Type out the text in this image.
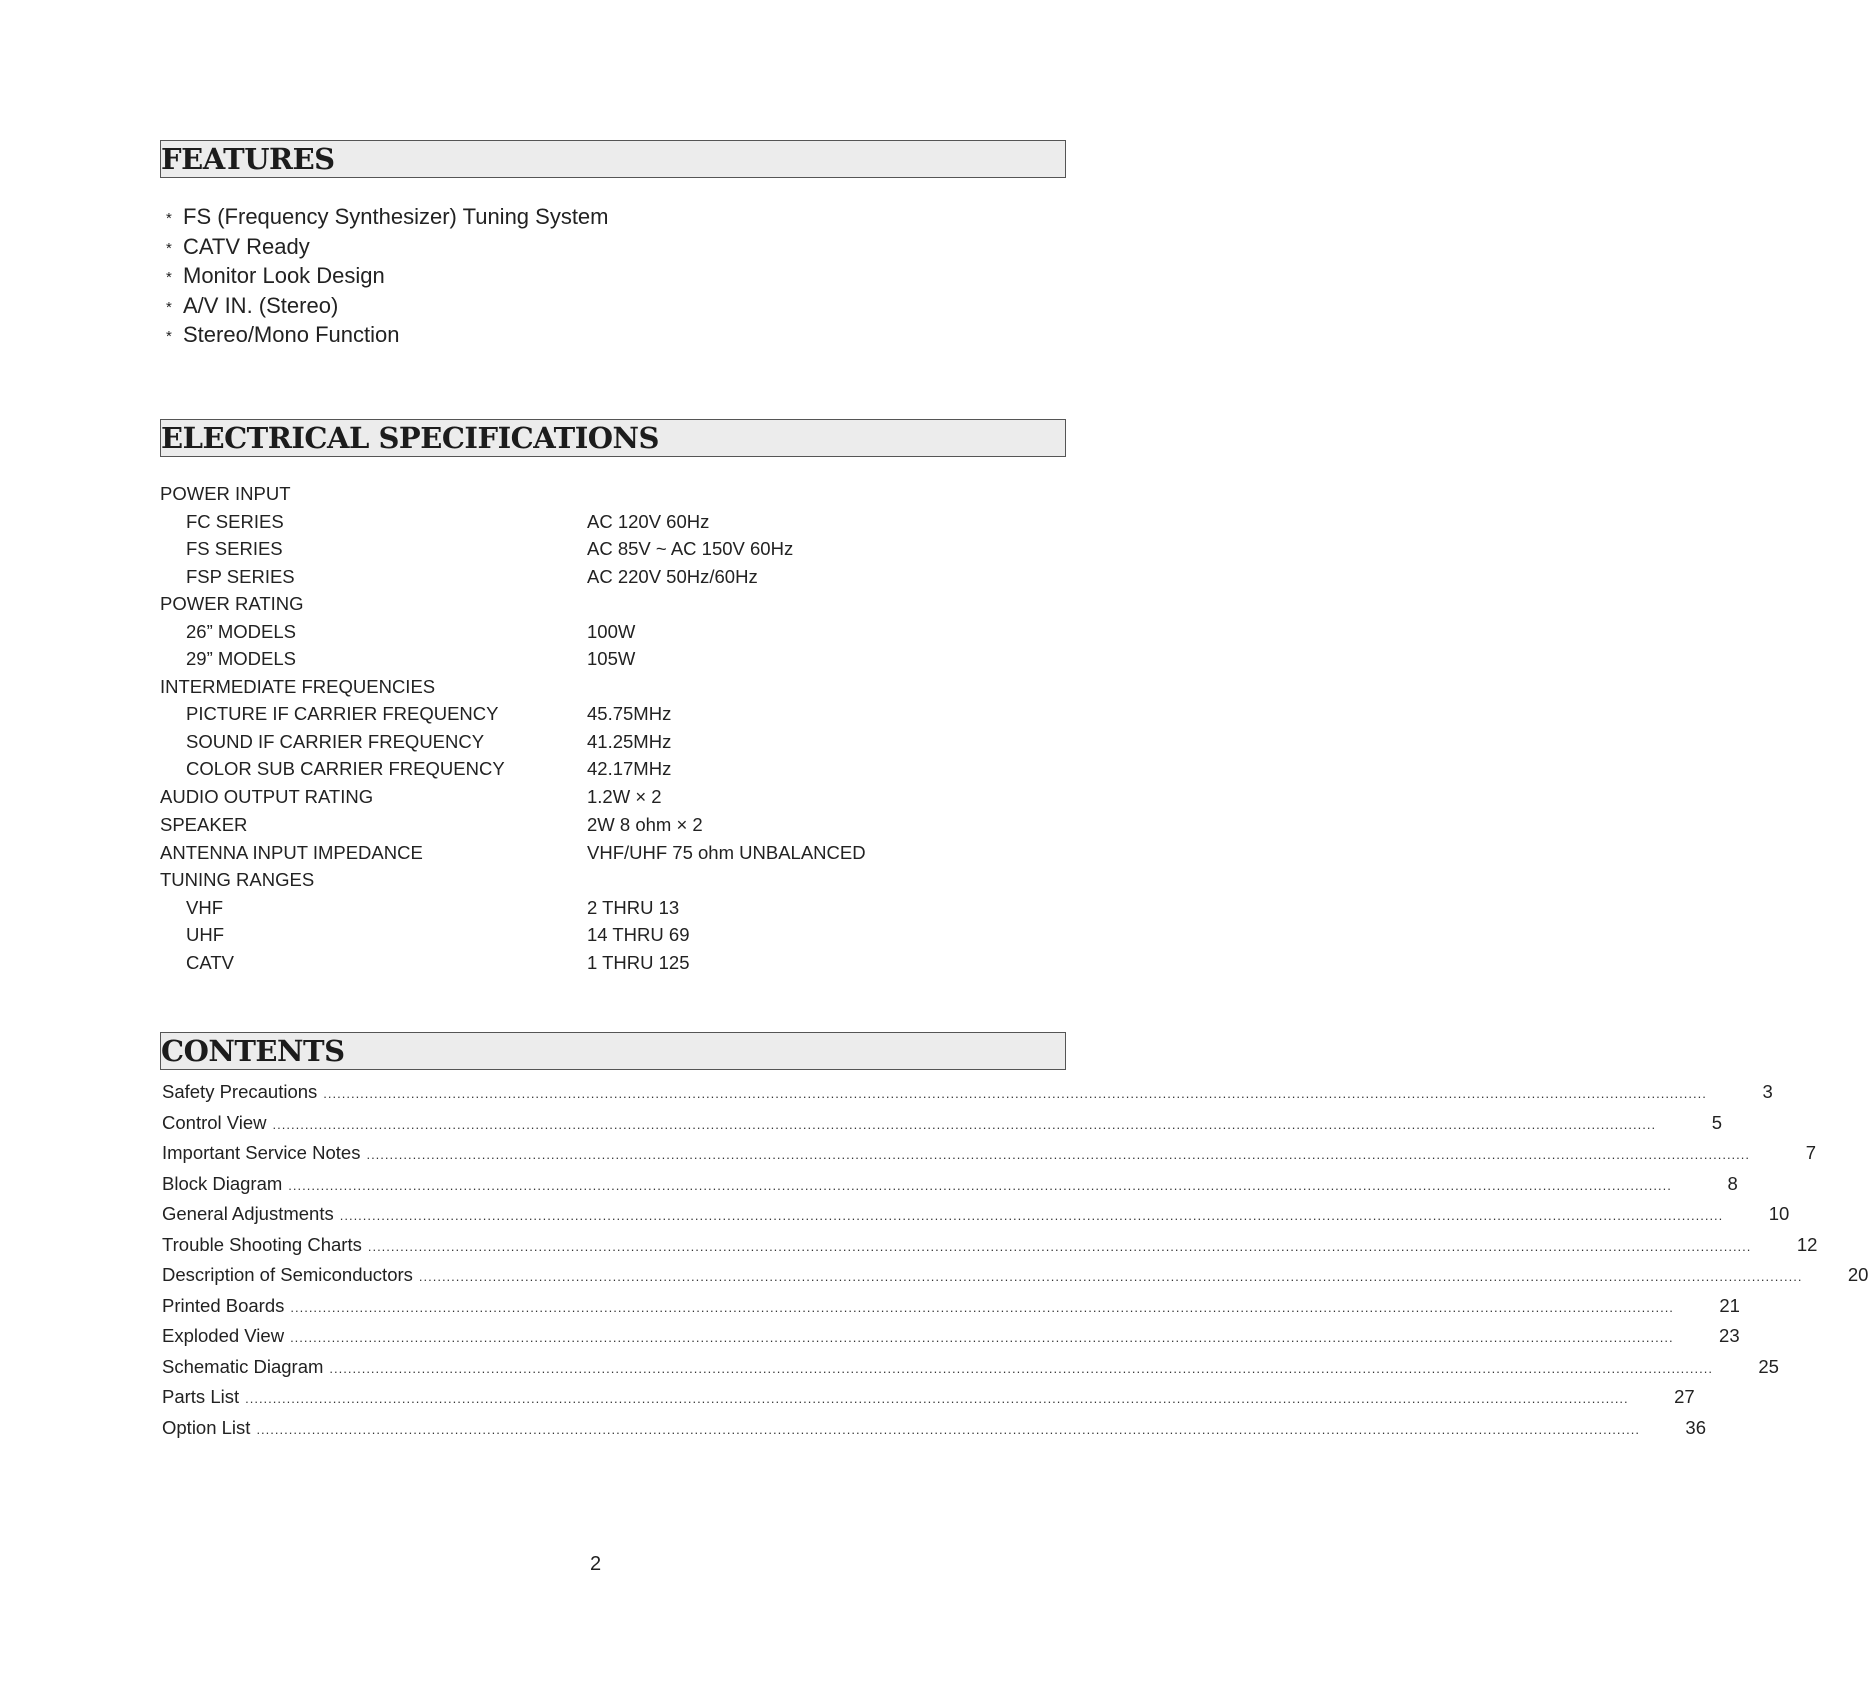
FEATURES
* FS (Frequency Synthesizer) Tuning System
* CATV Ready
* Monitor Look Design
* A/V IN. (Stereo)
* Stereo/Mono Function
ELECTRICAL SPECIFICATIONS
POWER INPUT
FC SERIES	AC 120V 60Hz
FS SERIES	AC 85V ~ AC 150V 60Hz
FSP SERIES	AC 220V 50Hz/60Hz
POWER RATING
26” MODELS	100W
29” MODELS	105W
INTERMEDIATE FREQUENCIES
PICTURE IF CARRIER FREQUENCY	45.75MHz
SOUND IF CARRIER FREQUENCY	41.25MHz
COLOR SUB CARRIER FREQUENCY	42.17MHz
AUDIO OUTPUT RATING	1.2W × 2
SPEAKER	2W 8 ohm × 2
ANTENNA INPUT IMPEDANCE	VHF/UHF 75 ohm UNBALANCED
TUNING RANGES
VHF	2 THRU 13
UHF	14 THRU 69
CATV	1 THRU 125
CONTENTS
Safety Precautions ............................................................................................................................................................................................................................................................................................................	3
Control View ............................................................................................................................................................................................................................................................................................................	5
Important Service Notes ............................................................................................................................................................................................................................................................................................................	7
Block Diagram ............................................................................................................................................................................................................................................................................................................	8
General Adjustments ............................................................................................................................................................................................................................................................................................................	10
Trouble Shooting Charts ............................................................................................................................................................................................................................................................................................................	12
Description of Semiconductors ............................................................................................................................................................................................................................................................................................................	20
Printed Boards ............................................................................................................................................................................................................................................................................................................	21
Exploded View ............................................................................................................................................................................................................................................................................................................	23
Schematic Diagram ............................................................................................................................................................................................................................................................................................................	25
Parts List ............................................................................................................................................................................................................................................................................................................	27
Option List ............................................................................................................................................................................................................................................................................................................	36
2
